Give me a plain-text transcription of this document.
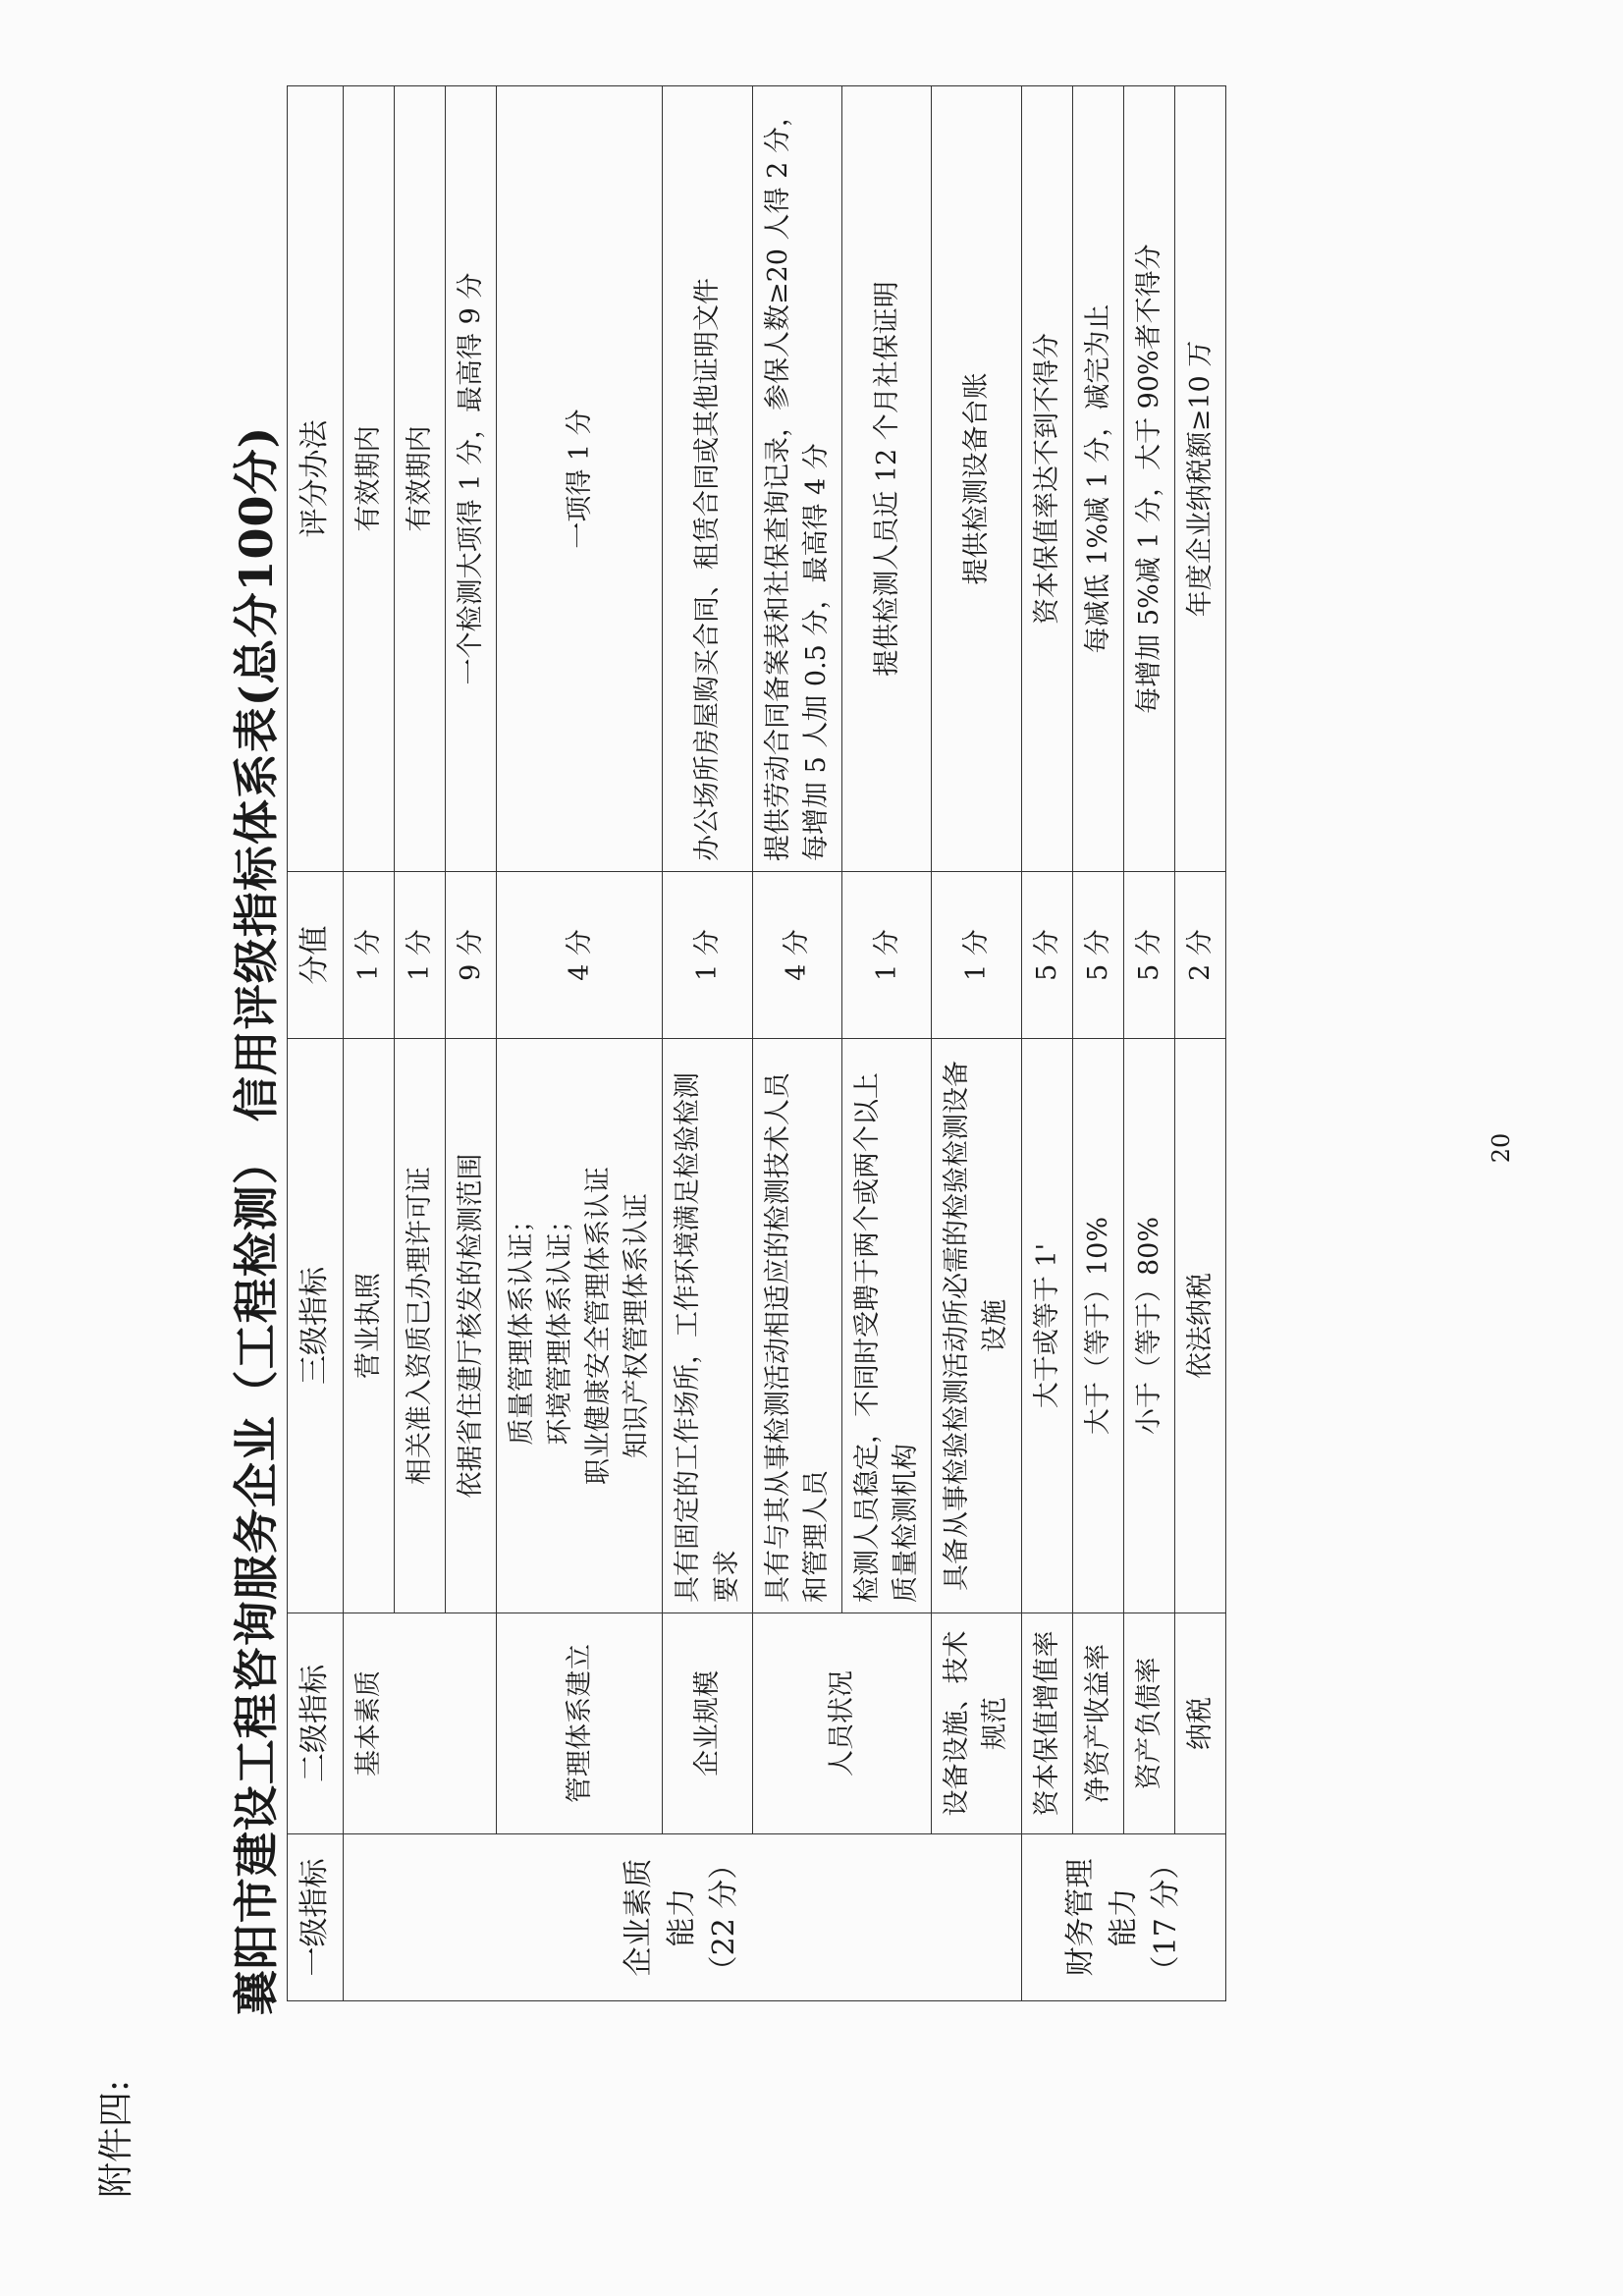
附件四:
襄阳市建设工程咨询服务企业（工程检测） 信用评级指标体系表(总分100分) 一级指标	二级指标	三级指标	分值	评分办法

企业素质能力 （22 分）	基本素质	营业执照	1 分	有效期内
		相关准入资质已办理许可证	1 分	有效期内
		依据省住建厅核发的检测范围	9 分	一个检测大项得 1 分，最高得 9 分
	管理体系建立	质量管理体系认证； 环境管理体系认证； 职业健康安全管理体系认证 知识产权管理体系认证	4 分	一项得 1 分
	企业规模	具有固定的工作场所，工作环境满足检验检测要求	1 分	办公场所房屋购买合同、租赁合同或其他证明文件
	人员状况	具有与其从事检测活动相适应的检测技术人员和管理人员	4 分	提供劳动合同备案表和社保查询记录，参保人数≥20 人得 2 分，每增加 5 人加 0.5 分，最高得 4 分
		检测人员稳定，不同时受聘于两个或两个以上质量检测机构	1 分	提供检测人员近 12 个月社保证明
	设备设施、技术规范	具备从事检验检测活动所必需的检验检测设备设施	1 分	提供检测设备台账

财务管理能力 （17 分）	资本保值增值率	大于或等于 1'	5 分	资本保值率达不到不得分
	净资产收益率	大于（等于）10%	5 分	每减低 1%减 1 分，减完为止
	资产负债率	小于（等于）80%	5 分	每增加 5%减 1 分，大于 90%者不得分
	纳税	依法纳税	2 分	年度企业纳税额≥10 万
20
